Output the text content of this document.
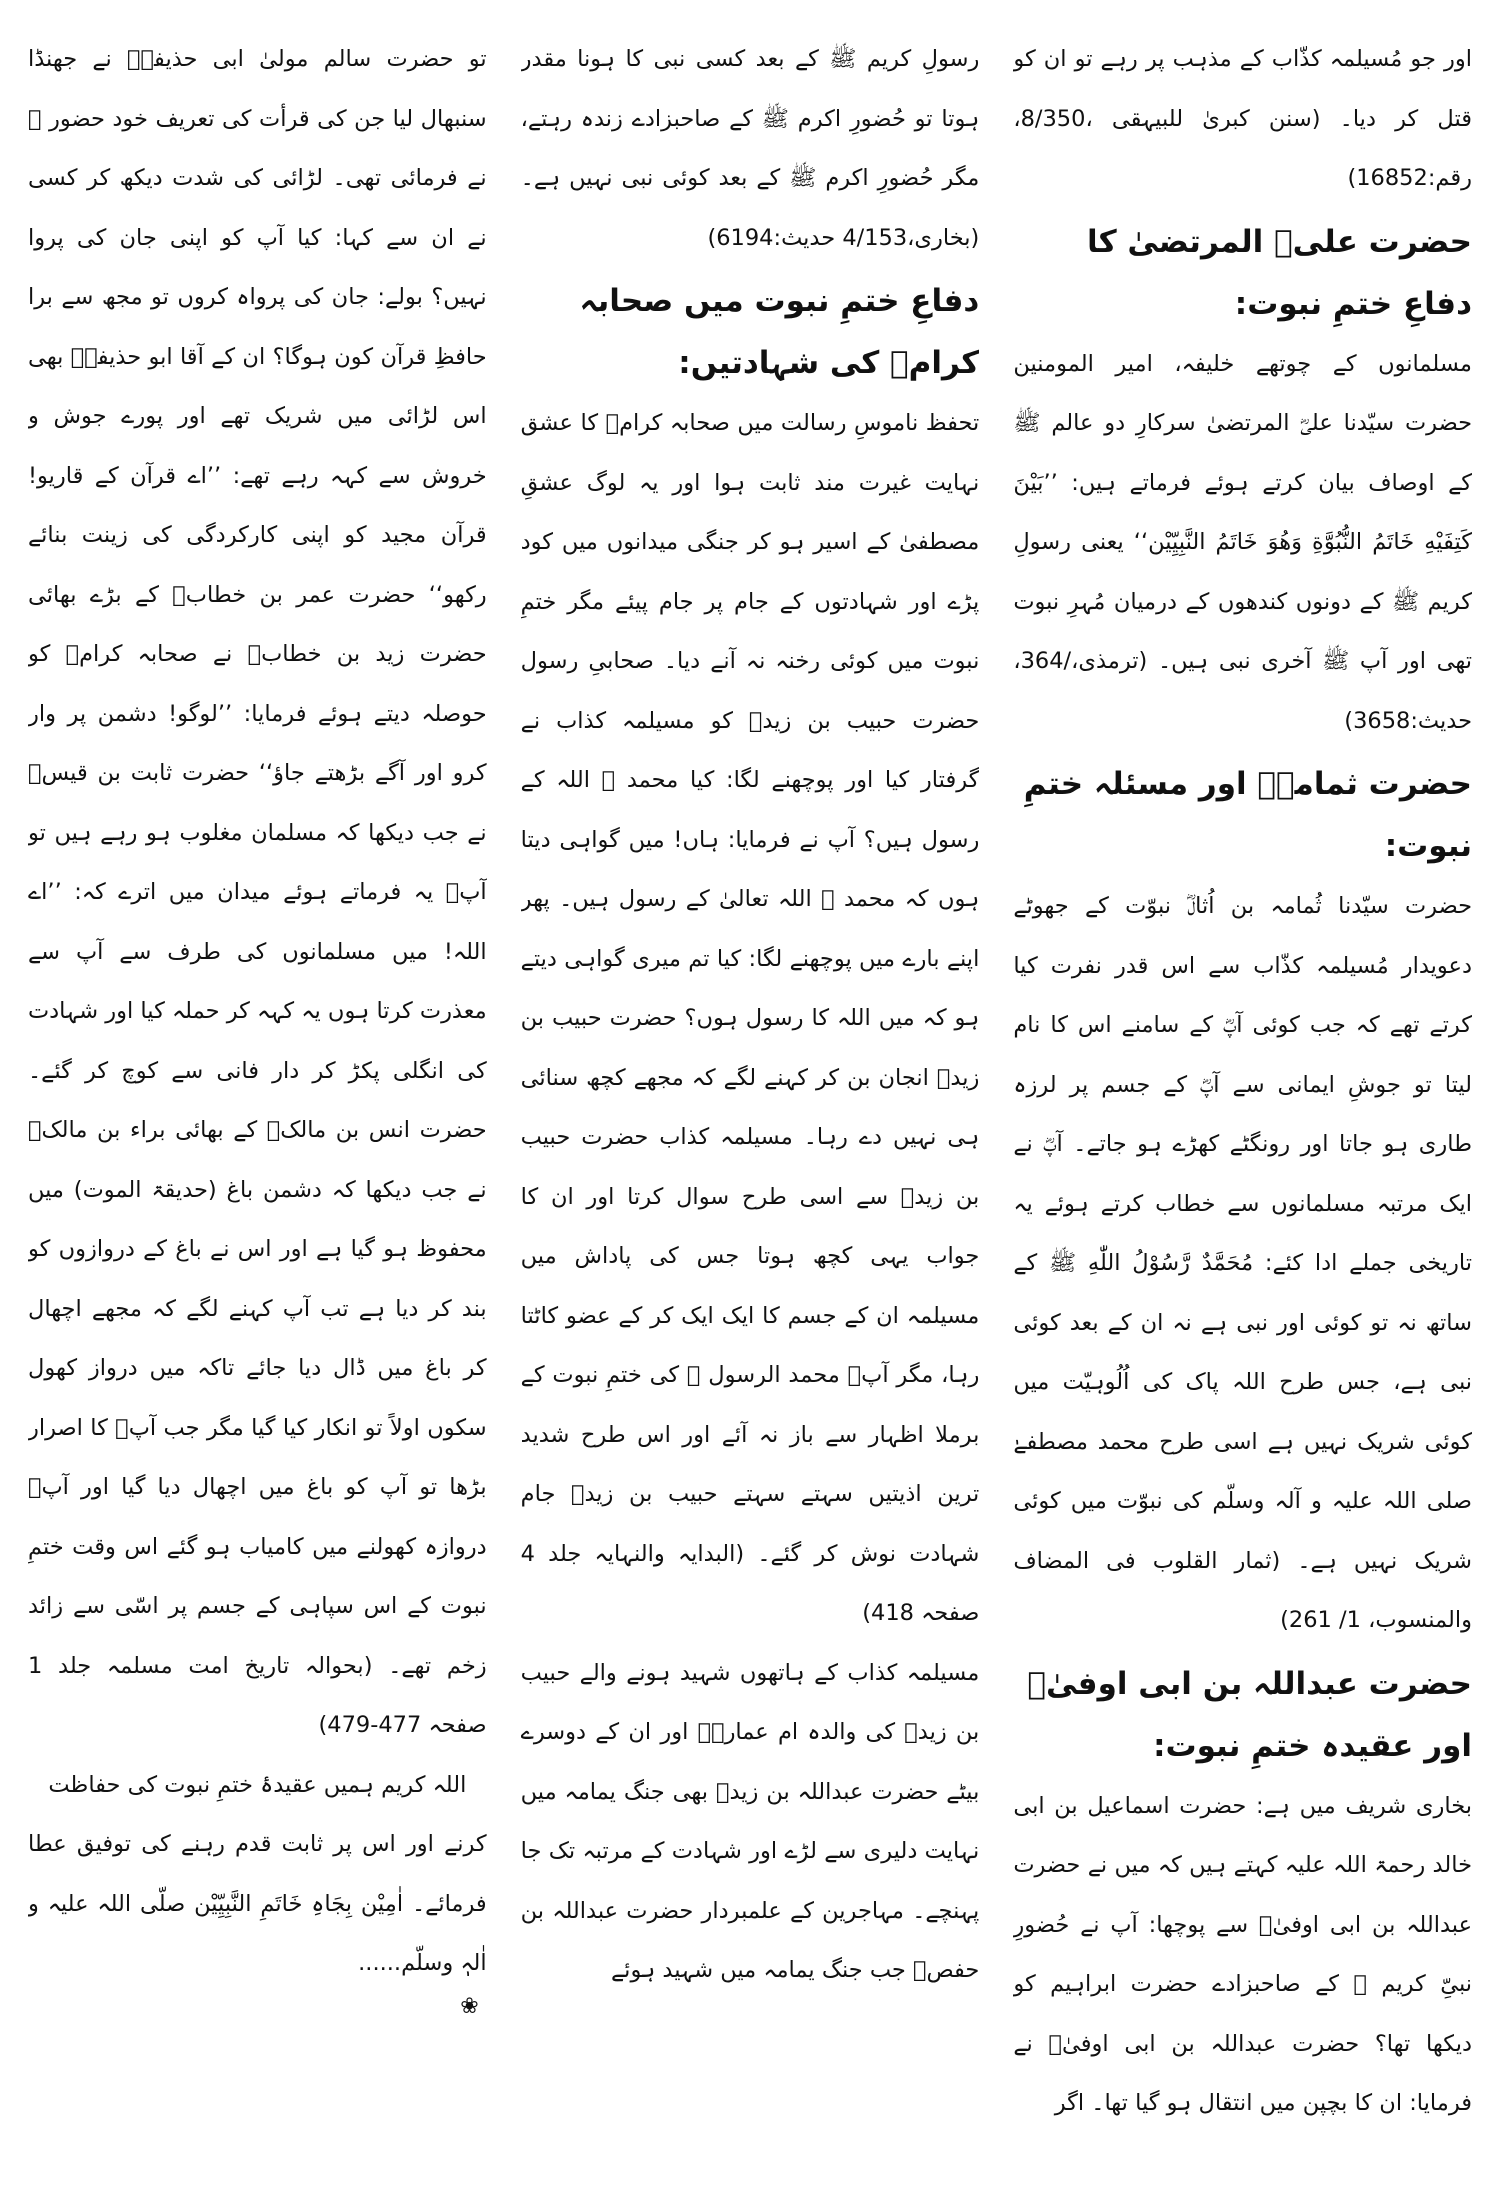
اور جو مُسیلمہ کذّاب کے مذہب پر رہے تو ان کو قتل کر دیا۔ (سنن کبریٰ للبیہقی ،8/350، رقم:16852)

حضرت علیؓ المرتضیٰ کا دفاعِ ختمِ نبوت:

مسلمانوں کے چوتھے خلیفہ، امیر المومنین حضرت سیّدنا علیؓ المرتضیٰ سرکارِ دو عالم ﷺ کے اوصاف بیان کرتے ہوئے فرماتے ہیں: ’’بَیْنَ کَتِفَیْهِ خَاتَمُ النُّبُوَّةِ وَهُوَ خَاتَمُ النَّبِیِّیْن‘‘ یعنی رسولِ کریم ﷺ کے دونوں کندھوں کے درمیان مُہرِ نبوت تھی اور آپ ﷺ آخری نبی ہیں۔ (ترمذی،/364، حدیث:3658)

حضرت ثمامہؓ اور مسئلہ ختمِ نبوت:

حضرت سیّدنا ثُمامہ بن اُثالؓ نبوّت کے جھوٹے دعویدار مُسیلمہ کذّاب سے اس قدر نفرت کیا کرتے تھے کہ جب کوئی آپؓ کے سامنے اس کا نام لیتا تو جوشِ ایمانی سے آپؓ کے جسم پر لرزہ طاری ہو جاتا اور رونگٹے کھڑے ہو جاتے۔ آپؓ نے ایک مرتبہ مسلمانوں سے خطاب کرتے ہوئے یہ تاریخی جملے ادا کئے: مُحَمَّدٌ رَّسُوْلُ اللّٰهِ ﷺ کے ساتھ نہ تو کوئی اور نبی ہے نہ ان کے بعد کوئی نبی ہے، جس طرح اللہ پاک کی اُلُوہیّت میں کوئی شریک نہیں ہے اسی طرح محمد مصطفےٰ صلی اللہ علیہ و آلہ وسلّم کی نبوّت میں کوئی شریک نہیں ہے۔ (ثمار القلوب فی المضاف والمنسوب، 1/ 261)

حضرت عبداللہ بن ابی اوفیٰؓ اور عقیدہ ختمِ نبوت:

بخاری شریف میں ہے: حضرت اسماعیل بن ابی خالد رحمۃ اللہ علیہ کہتے ہیں کہ میں نے حضرت عبداللہ بن ابی اوفیٰؓ سے پوچھا: آپ نے حُضورِ نبیِّ کریم ﷺ کے صاحبزادے حضرت ابراہیم کو دیکھا تھا؟ حضرت عبداللہ بن ابی اوفیٰؓ نے فرمایا: ان کا بچپن میں انتقال ہو گیا تھا۔ اگر

رسولِ کریم ﷺ کے بعد کسی نبی کا ہونا مقدر ہوتا تو حُضورِ اکرم ﷺ کے صاحبزادے زندہ رہتے، مگر حُضورِ اکرم ﷺ کے بعد کوئی نبی نہیں ہے۔ (بخاری،4/153 حدیث:6194)

دفاعِ ختمِ نبوت میں صحابہ کرامؓ کی شہادتیں:

تحفظ ناموسِ رسالت میں صحابہ کرامؓ کا عشق نہایت غیرت مند ثابت ہوا اور یہ لوگ عشقِ مصطفیٰ کے اسیر ہو کر جنگی میدانوں میں کود پڑے اور شہادتوں کے جام پر جام پیئے مگر ختمِ نبوت میں کوئی رخنہ نہ آنے دیا۔ صحابیِ رسول حضرت حبیب بن زیدؓ کو مسیلمہ کذاب نے گرفتار کیا اور پوچھنے لگا: کیا محمد ﷺ اللہ کے رسول ہیں؟ آپ نے فرمایا: ہاں! میں گواہی دیتا ہوں کہ محمد ﷺ اللہ تعالیٰ کے رسول ہیں۔ پھر اپنے بارے میں پوچھنے لگا: کیا تم میری گواہی دیتے ہو کہ میں اللہ کا رسول ہوں؟ حضرت حبیب بن زیدؓ انجان بن کر کہنے لگے کہ مجھے کچھ سنائی ہی نہیں دے رہا۔ مسیلمہ کذاب حضرت حبیب بن زیدؓ سے اسی طرح سوال کرتا اور ان کا جواب یہی کچھ ہوتا جس کی پاداش میں مسیلمہ ان کے جسم کا ایک ایک کر کے عضو کاٹتا رہا، مگر آپؓ محمد الرسول ﷺ کی ختمِ نبوت کے برملا اظہار سے باز نہ آئے اور اس طرح شدید ترین اذیتیں سہتے سہتے حبیب بن زیدؓ جام شہادت نوش کر گئے۔ (البدایہ والنہایہ جلد 4 صفحہ 418)

مسیلمہ کذاب کے ہاتھوں شہید ہونے والے حبیب بن زیدؓ کی والدہ ام عمارہؓ اور ان کے دوسرے بیٹے حضرت عبداللہ بن زیدؓ بھی جنگ یمامہ میں نہایت دلیری سے لڑے اور شہادت کے مرتبہ تک جا پہنچے۔ مہاجرین کے علمبردار حضرت عبداللہ بن حفصؓ جب جنگ یمامہ میں شہید ہوئے

تو حضرت سالم مولیٰ ابی حذیفہؓ نے جھنڈا سنبھال لیا جن کی قرأت کی تعریف خود حضور ﷺ نے فرمائی تھی۔ لڑائی کی شدت دیکھ کر کسی نے ان سے کہا: کیا آپ کو اپنی جان کی پروا نہیں؟ بولے: جان کی پرواہ کروں تو مجھ سے برا حافظِ قرآن کون ہوگا؟ ان کے آقا ابو حذیفہؓ بھی اس لڑائی میں شریک تھے اور پورے جوش و خروش سے کہہ رہے تھے: ’’اے قرآن کے قاریو! قرآن مجید کو اپنی کارکردگی کی زینت بنائے رکھو‘‘ حضرت عمر بن خطابؓ کے بڑے بھائی حضرت زید بن خطابؓ نے صحابہ کرامؓ کو حوصلہ دیتے ہوئے فرمایا: ’’لوگو! دشمن پر وار کرو اور آگے بڑھتے جاؤ‘‘ حضرت ثابت بن قیسؓ نے جب دیکھا کہ مسلمان مغلوب ہو رہے ہیں تو آپؓ یہ فرماتے ہوئے میدان میں اترے کہ: ’’اے اللہ! میں مسلمانوں کی طرف سے آپ سے معذرت کرتا ہوں یہ کہہ کر حملہ کیا اور شہادت کی انگلی پکڑ کر دار فانی سے کوچ کر گئے۔ حضرت انس بن مالکؓ کے بھائی براء بن مالکؓ نے جب دیکھا کہ دشمن باغ (حدیقۃ الموت) میں محفوظ ہو گیا ہے اور اس نے باغ کے دروازوں کو بند کر دیا ہے تب آپ کہنے لگے کہ مجھے اچھال کر باغ میں ڈال دیا جائے تاکہ میں درواز کھول سکوں اولاً تو انکار کیا گیا مگر جب آپؓ کا اصرار بڑھا تو آپ کو باغ میں اچھال دیا گیا اور آپؓ دروازہ کھولنے میں کامیاب ہو گئے اس وقت ختمِ نبوت کے اس سپاہی کے جسم پر اسّی سے زائد زخم تھے۔ (بحوالہ تاریخ امت مسلمہ جلد 1 صفحہ 477-479)

اللہ کریم ہمیں عقیدۂ ختمِ نبوت کی حفاظت

کرنے اور اس پر ثابت قدم رہنے کی توفیق عطا فرمائے۔ اٰمِیْن بِجَاہِ خَاتَمِ النَّبِیِّیْن صلّی اللہ علیہ و اٰلہٖ وسلّم......

❀
